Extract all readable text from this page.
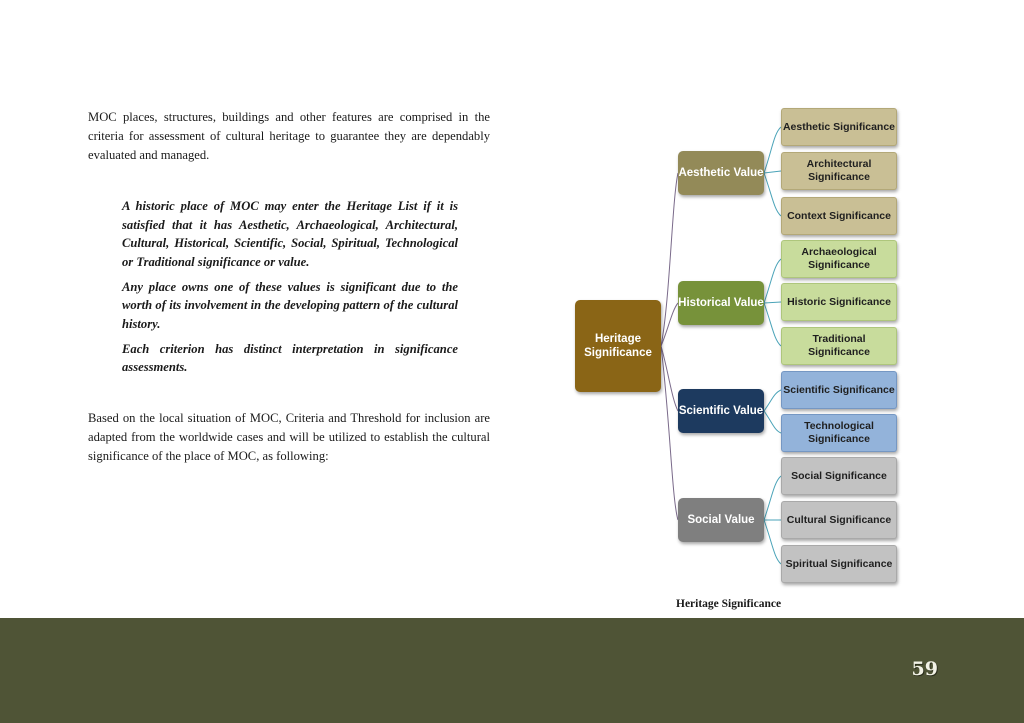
MOC places, structures, buildings and other features are comprised in the criteria for assessment of cultural heritage to guarantee they are dependably evaluated and managed.

A historic place of MOC may enter the Heritage List if it is satisfied that it has Aesthetic, Archaeological, Architectural, Cultural, Historical, Scientific, Social, Spiritual, Technological or Traditional significance or value.

Any place owns one of these values is significant due to the worth of its involvement in the developing pattern of the cultural history.

Each criterion has distinct interpretation in significance assessments.

Based on the local situation of MOC, Criteria and Threshold for inclusion are adapted from the worldwide cases and will be utilized to establish the cultural significance of the place of MOC, as following:

Heritage Significance
Aesthetic Value
Historical Value
Scientific Value
Social Value
Aesthetic Significance
Architectural Significance
Context Significance
Archaeological Significance
Historic Significance
Traditional Significance
Scientific Significance
Technological Significance
Social Significance
Cultural Significance
Spiritual Significance

Heritage Significance

59
